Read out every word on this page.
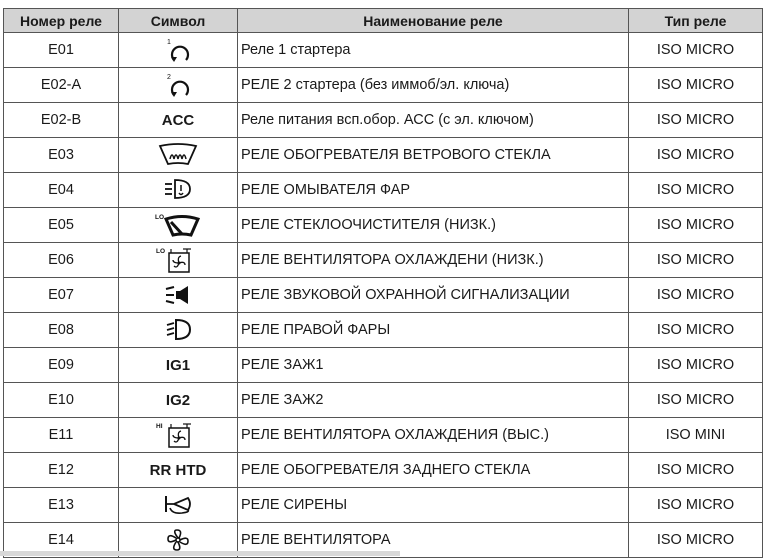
Номер реле	Символ	Наименование реле	Тип реле
E01	1	Реле 1 стартера	ISO MICRO
E02-A	2	РЕЛЕ 2 стартера (без иммоб/эл. ключа)	ISO MICRO
E02-B	ACC	Реле питания всп.обор. АСС (с эл. ключом)	ISO MICRO
E03		РЕЛЕ ОБОГРЕВАТЕЛЯ ВЕТРОВОГО СТЕКЛА	ISO MICRO
E04		РЕЛЕ ОМЫВАТЕЛЯ ФАР	ISO MICRO
E05	LO	РЕЛЕ СТЕКЛООЧИСТИТЕЛЯ (НИЗК.)	ISO MICRO
E06	LO	РЕЛЕ ВЕНТИЛЯТОРА ОХЛАЖДЕНИ (НИЗК.)	ISO MICRO
E07		РЕЛЕ ЗВУКОВОЙ ОХРАННОЙ СИГНАЛИЗАЦИИ	ISO MICRO
E08		РЕЛЕ ПРАВОЙ ФАРЫ	ISO MICRO
E09	IG1	РЕЛЕ ЗАЖ1	ISO MICRO
E10	IG2	РЕЛЕ ЗАЖ2	ISO MICRO
E11	HI	РЕЛЕ ВЕНТИЛЯТОРА ОХЛАЖДЕНИЯ (ВЫС.)	ISO MINI
E12	RR HTD	РЕЛЕ ОБОГРЕВАТЕЛЯ ЗАДНЕГО СТЕКЛА	ISO MICRO
E13		РЕЛЕ СИРЕНЫ	ISO MICRO
E14		РЕЛЕ ВЕНТИЛЯТОРА	ISO MICRO
